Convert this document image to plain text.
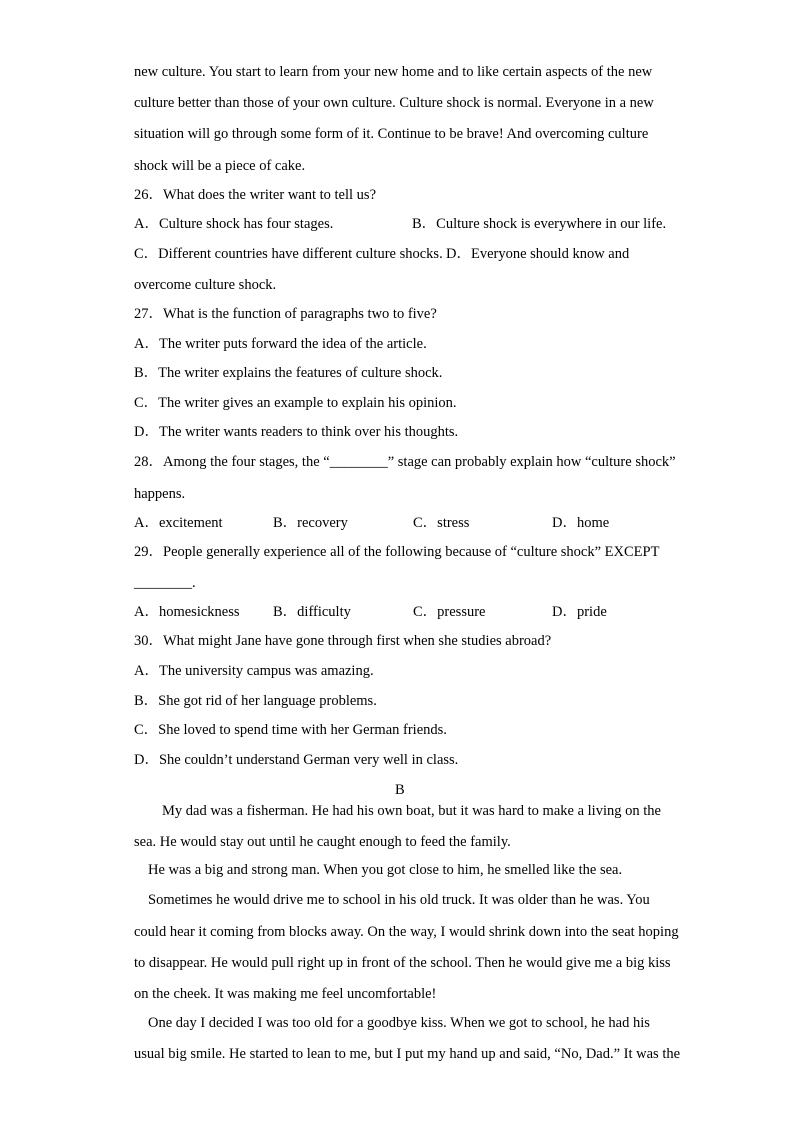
new culture. You start to learn from your new home and to like certain aspects of the new
culture better than those of your own culture. Culture shock is normal. Everyone in a new
situation will go through some form of it. Continue to be brave! And overcoming culture
shock will be a piece of cake.
26．What does the writer want to tell us?
A．Culture shock has four stages.	B．Culture shock is everywhere in our life.
C．Different countries have different culture shocks. D．Everyone should know and
overcome culture shock.
27．What is the function of paragraphs two to five?
A．The writer puts forward the idea of the article.
B．The writer explains the features of culture shock.
C．The writer gives an example to explain his opinion.
D．The writer wants readers to think over his thoughts.
28．Among the four stages, the “________” stage can probably explain how “culture shock”
happens.
A．excitement	B．recovery	C．stress	D．home
29．People generally experience all of the following because of “culture shock” EXCEPT
________.
A．homesickness B．difficulty	C．pressure	D．pride
30．What might Jane have gone through first when she studies abroad?
A．The university campus was amazing.
B．She got rid of her language problems.
C．She loved to spend time with her German friends.
D．She couldn’t understand German very well in class.
B
My dad was a fisherman. He had his own boat, but it was hard to make a living on the
sea. He would stay out until he caught enough to feed the family.
He was a big and strong man. When you got close to him, he smelled like the sea.
Sometimes he would drive me to school in his old truck. It was older than he was. You
could hear it coming from blocks away. On the way, I would shrink down into the seat hoping
to disappear. He would pull right up in front of the school. Then he would give me a big kiss
on the cheek. It was making me feel uncomfortable!
One day I decided I was too old for a goodbye kiss. When we got to school, he had his
usual big smile. He started to lean to me, but I put my hand up and said, “No, Dad.” It was the
